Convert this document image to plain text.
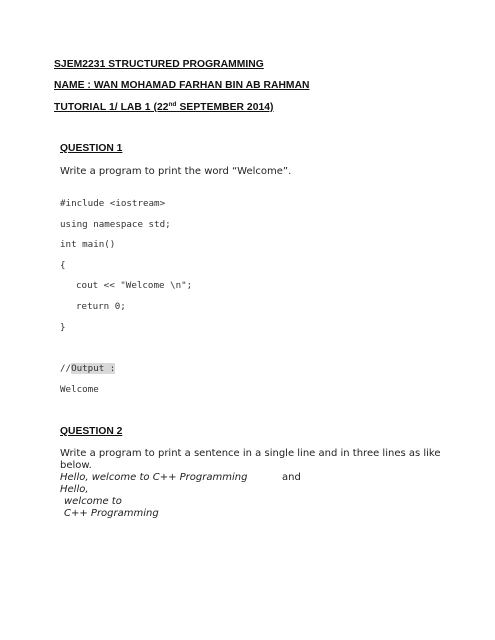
SJEM2231 STRUCTURED PROGRAMMING
NAME : WAN MOHAMAD FARHAN BIN AB RAHMAN
TUTORIAL 1/ LAB 1 (22nd SEPTEMBER 2014)
QUESTION 1
Write a program to print the word “Welcome”.
#include <iostream>
using namespace std;
int main()
{
cout << "Welcome \n";
return 0;
}
//Output :
Welcome
QUESTION 2
Write a program to print a sentence in a single line and in three lines as like
below.
Hello, welcome to C++ Programming	and
Hello,
welcome to
C++ Programming
